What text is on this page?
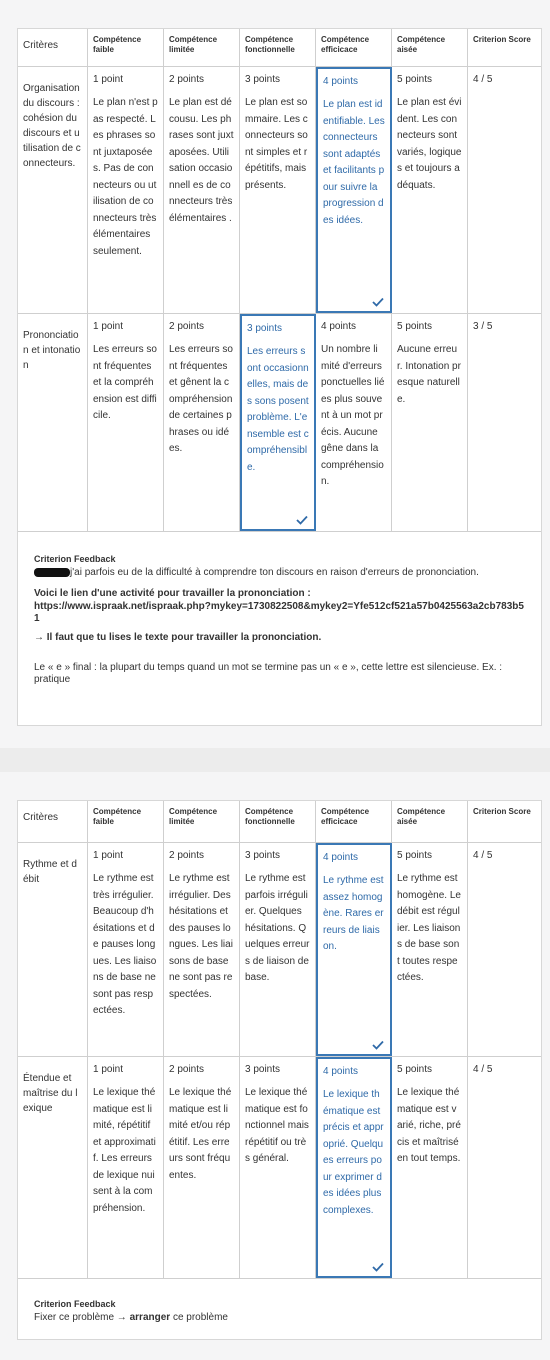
Critères
Compétence faible
Compétence limitée
Compétence fonctionnelle
Compétence efficicace
Compétence aisée
Criterion Score
Organisation du discours : cohésion du discours et utilisation de connecteurs.
1 point
Le plan n'est pas respecté. Les phrases sont juxtaposées. Pas de connecteurs ou utilisation de connecteurs très élémentaires seulement.
2 points
Le plan est décousu. Les phrases sont juxtaposées. Utilisation occasionnell es de connecteurs très élémentaires .
3 points
Le plan est sommaire. Les connecteurs sont simples et répétitifs, mais présents.
4 points
Le plan est identifiable. Les connecteurs sont adaptés et facilitants pour suivre la progression des idées.
5 points
Le plan est évident. Les connecteurs sont variés, logiques et toujours adéquats.
4 / 5
Prononciation et intonation
1 point
Les erreurs sont fréquentes et la compréhension est difficile.
2 points
Les erreurs sont fréquentes et gênent la compréhension de certaines phrases ou idées.
3 points
Les erreurs sont occasionnelles, mais des sons posent problème. L'ensemble est compréhensible.
4 points
Un nombre limité d'erreurs ponctuelles liées plus souvent à un mot précis. Aucune gêne dans la compréhension.
5 points
Aucune erreur. Intonation presque naturelle.
3 / 5
Criterion Feedback
j'ai parfois eu de la difficulté à comprendre ton discours en raison d'erreurs de prononciation.
Voici le lien d'une activité pour travailler la prononciation :
https://www.ispraak.net/ispraak.php?mykey=1730822508&mykey2=Yfe512cf521a57b0425563a2cb783b51
→ Il faut que tu lises le texte pour travailler la prononciation.
Le « e » final : la plupart du temps quand un mot se termine pas un « e », cette lettre est silencieuse. Ex. : pratique
Critères
Compétence faible
Compétence limitée
Compétence fonctionnelle
Compétence efficicace
Compétence aisée
Criterion Score
Rythme et débit
1 point
Le rythme est très irrégulier. Beaucoup d'hésitations et de pauses longues. Les liaisons de base ne sont pas respectées.
2 points
Le rythme est irrégulier. Des hésitations et des pauses longues. Les liaisons de base ne sont pas respectées.
3 points
Le rythme est parfois irrégulier. Quelques hésitations. Quelques erreurs de liaison de base.
4 points
Le rythme est assez homogène. Rares erreurs de liaison.
5 points
Le rythme est homogène. Le débit est régulier. Les liaisons de base sont toutes respectées.
4 / 5
Étendue et maîtrise du lexique
1 point
Le lexique thématique est limité, répétitif et approximatif. Les erreurs de lexique nuisent à la compréhension.
2 points
Le lexique thématique est limité et/ou répétitif. Les erreurs sont fréquentes.
3 points
Le lexique thématique est fonctionnel mais répétitif ou très général.
4 points
Le lexique thématique est précis et approprié. Quelques erreurs pour exprimer des idées plus complexes.
5 points
Le lexique thématique est varié, riche, précis et maîtrisé en tout temps.
4 / 5
Criterion Feedback
Fixer ce problème → arranger ce problème
